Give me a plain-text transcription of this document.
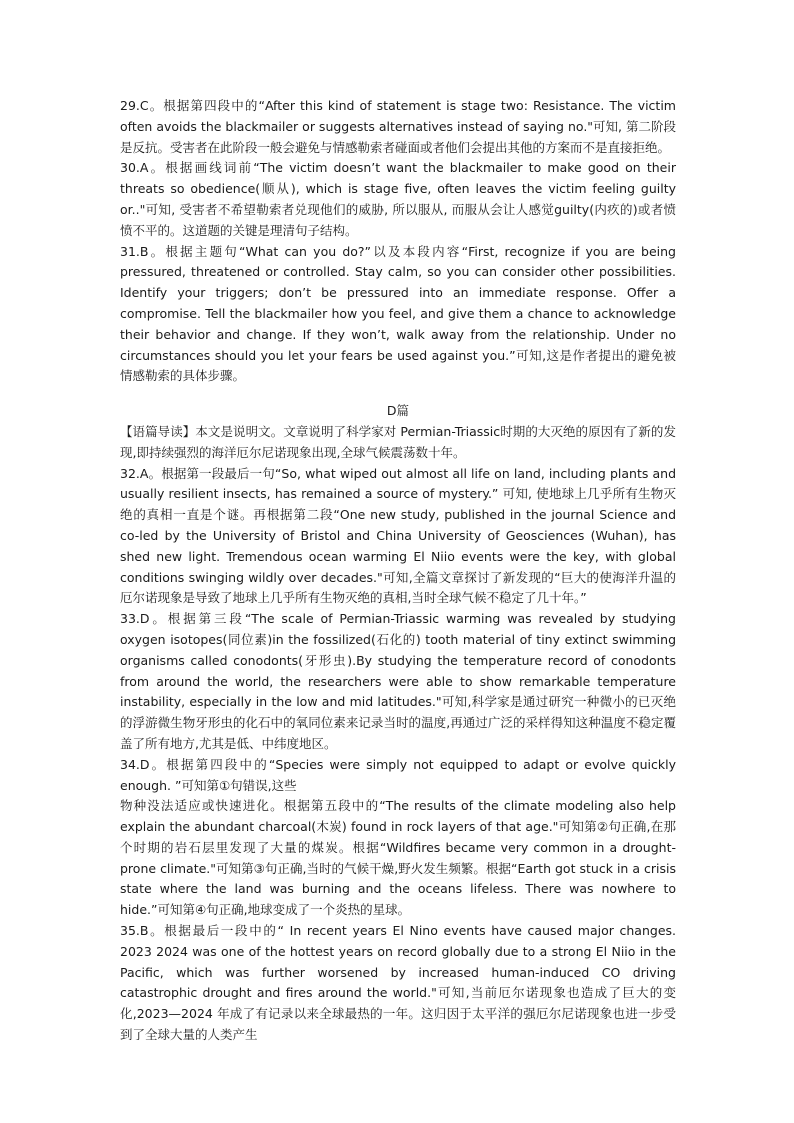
29.C。根据第四段中的“After this kind of statement is stage two: Resistance. The victim often avoids the blackmailer or suggests alternatives instead of saying no."可知, 第二阶段是反抗。受害者在此阶段一般会避免与情感勒索者碰面或者他们会提出其他的方案而不是直接拒绝。

30.A。根据画线词前“The victim doesn’t want the blackmailer to make good on their threats so obedience(顺从), which is stage five, often leaves the victim feeling guilty or.."可知, 受害者不希望勒索者兑现他们的威胁, 所以服从, 而服从会让人感觉guilty(内疚的)或者愤愤不平的。这道题的关键是理清句子结构。

31.B。根据主题句“What can you do?”以及本段内容“First, recognize if you are being pressured, threatened or controlled. Stay calm, so you can consider other possibilities. Identify your triggers; don’t be pressured into an immediate response. Offer a compromise. Tell the blackmailer how you feel, and give them a chance to acknowledge their behavior and change. If they won’t, walk away from the relationship. Under no circumstances should you let your fears be used against you.”可知,这是作者提出的避免被情感勒索的具体步骤。

D篇

【语篇导读】本文是说明文。文章说明了科学家对 Permian-Triassic时期的大灭绝的原因有了新的发现,即持续强烈的海洋厄尔尼诺现象出现,全球气候震荡数十年。

32.A。根据第一段最后一句“So, what wiped out almost all life on land, including plants and usually resilient insects, has remained a source of mystery.” 可知, 使地球上几乎所有生物灭绝的真相一直是个谜。再根据第二段“One new study, published in the journal Science and co-led by the University of Bristol and China University of Geosciences (Wuhan), has shed new light. Tremendous ocean warming El Niio events were the key, with global conditions swinging wildly over decades."可知,全篇文章探讨了新发现的“巨大的使海洋升温的厄尔诺现象是导致了地球上几乎所有生物灭绝的真相,当时全球气候不稳定了几十年。”

33.D。根据第三段“The scale of Permian-Triassic warming was revealed by studying oxygen isotopes(同位素)in the fossilized(石化的) tooth material of tiny extinct swimming organisms called conodonts(牙形虫).By studying the temperature record of conodonts from around the world, the researchers were able to show remarkable temperature instability, especially in the low and mid latitudes."可知,科学家是通过研究一种微小的已灭绝的浮游微生物牙形虫的化石中的氧同位素来记录当时的温度,再通过广泛的采样得知这种温度不稳定覆盖了所有地方,尤其是低、中纬度地区。

34.D。根据第四段中的“Species were simply not equipped to adapt or evolve quickly enough. ”可知第①句错误,这些

物种没法适应或快速进化。根据第五段中的“The results of the climate modeling also help explain the abundant charcoal(木炭) found in rock layers of that age."可知第②句正确,在那个时期的岩石层里发现了大量的煤炭。根据“Wildfires became very common in a drought-prone climate."可知第③句正确,当时的气候干燥,野火发生频繁。根据“Earth got stuck in a crisis state where the land was burning and the oceans lifeless. There was nowhere to hide.”可知第④句正确,地球变成了一个炎热的星球。

35.B。根据最后一段中的“ In recent years El Nino events have caused major changes. 2023 2024 was one of the hottest years on record globally due to a strong El Niio in the Pacific, which was further worsened by increased human-induced CO driving catastrophic drought and fires around the world."可知,当前厄尔诺现象也造成了巨大的变化,2023—2024 年成了有记录以来全球最热的一年。这归因于太平洋的强厄尔尼诺现象也进一步受到了全球大量的人类产生
